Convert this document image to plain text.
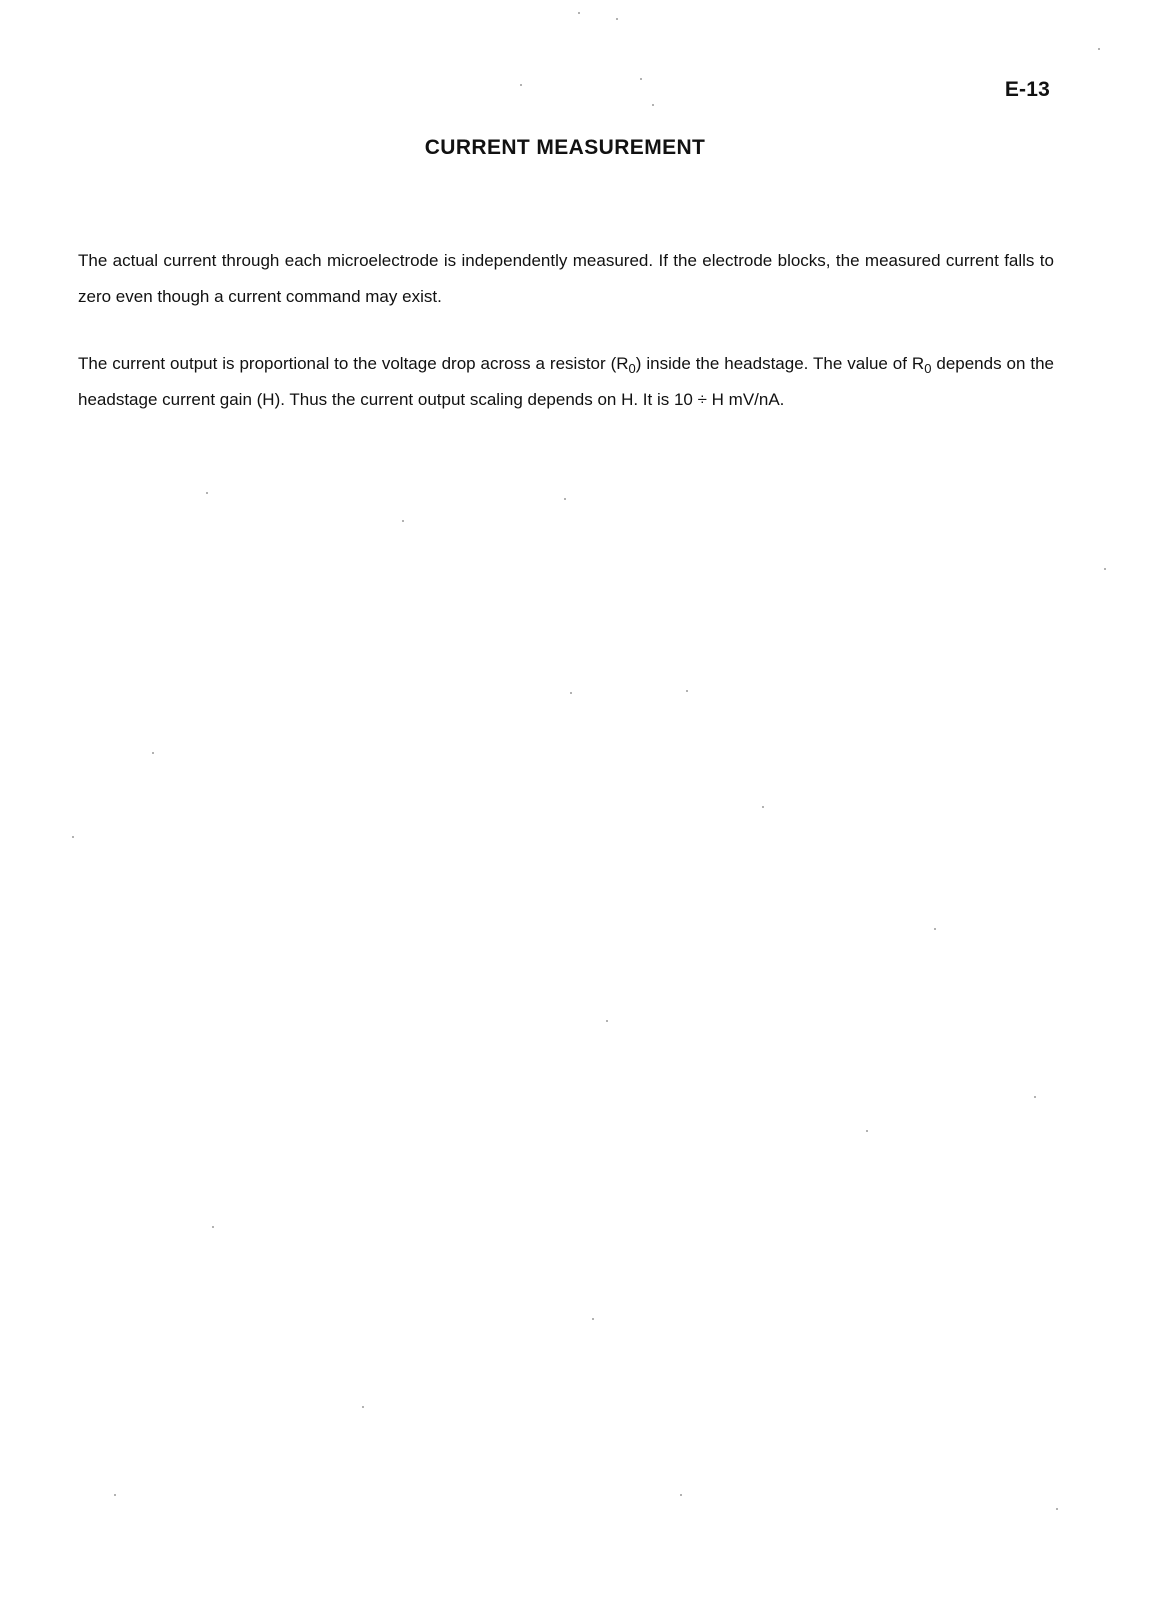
E-13
CURRENT MEASUREMENT

The actual current through each microelectrode is independently measured. If the electrode blocks, the measured current falls to zero even though a current command may exist.

The current output is proportional to the voltage drop across a resistor $(R_0)$ inside the headstage. The value of $R_0$ depends on the headstage current gain (H). Thus the current output scaling depends on H. It is 10 ÷ H mV/nA.
